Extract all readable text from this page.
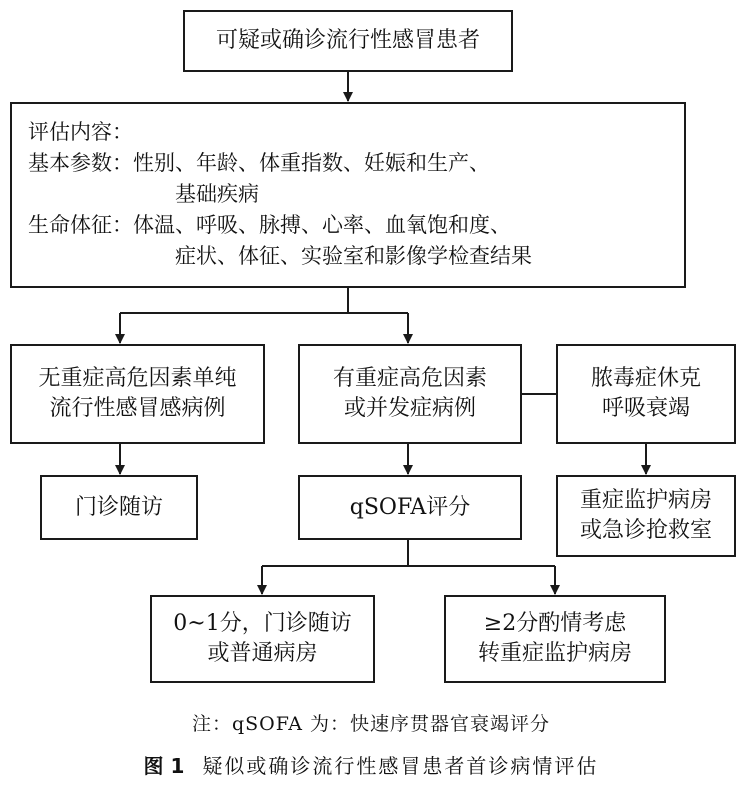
可疑或确诊流行性感冒患者
评估内容：
基本参数： 性别、年龄、体重指数、妊娠和生产、
基础疾病
生命体征： 体温、呼吸、脉搏、心率、血氧饱和度、
症状、体征、实验室和影像学检查结果
无重症高危因素单纯
流行性感冒感病例
有重症高危因素
或并发症病例
脓毒症休克
呼吸衰竭
门诊随访	qSOFA评分	重症监护病房
或急诊抢救室
0~1分，门诊随访
或普通病房
≥2分酌情考虑
转重症监护病房
注：qSOFA 为：快速序贯器官衰竭评分
图 1 疑似或确诊流行性感冒患者首诊病情评估
